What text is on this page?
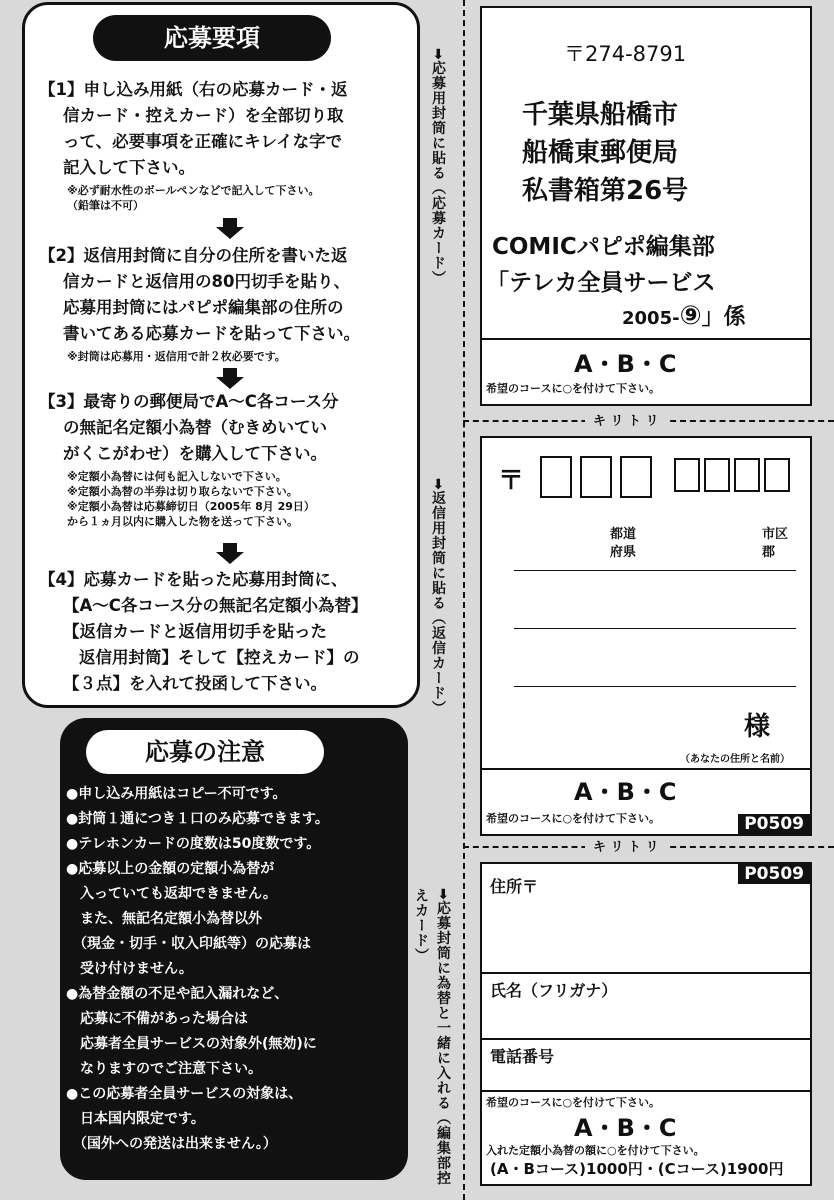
応募要項
【1】申し込み用紙（右の応募カード・返
信カード・控えカード）を全部切り取
って、必要事項を正確にキレイな字で
記入して下さい。
※必ず耐水性のボールペンなどで記入して下さい。
（鉛筆は不可）
【2】返信用封筒に自分の住所を書いた返
信カードと返信用の80円切手を貼り、
応募用封筒にはパピポ編集部の住所の
書いてある応募カードを貼って下さい。
※封筒は応募用・返信用で計２枚必要です。
【3】最寄りの郵便局でA～C各コース分
の無記名定額小為替（むきめいてい
がくこがわせ）を購入して下さい。
※定額小為替には何も記入しないで下さい。
※定額小為替の半券は切り取らないで下さい。
※定額小為替は応募締切日（2005年 8月 29日）
から１ヵ月以内に購入した物を送って下さい。
【4】応募カードを貼った応募用封筒に、
【A～C各コース分の無記名定額小為替】
【返信カードと返信用切手を貼った
返信用封筒】そして【控えカード】の
【３点】を入れて投函して下さい。
応募の注意
●申し込み用紙はコピー不可です。
●封筒１通につき１口のみ応募できます。
●テレホンカードの度数は50度数です。
●応募以上の金額の定額小為替が
　入っていても返却できません。
　また、無記名定額小為替以外
　（現金・切手・収入印紙等）の応募は
　受け付けません。
●為替金額の不足や記入漏れなど、
　応募に不備があった場合は
　応募者全員サービスの対象外(無効)に
　なりますのでご注意下さい。
●この応募者全員サービスの対象は、
　日本国内限定です。
　（国外への発送は出来ません。）
➡応募用封筒に貼る（応募カード）
➡返信用封筒に貼る（返信カード）
➡応募封筒に為替と一緒に入れる（編集部控えカード）
キ リ ト リ
キ リ ト リ
〒274-8791
千葉県船橋市
船橋東郵便局
私書箱第26号
COMICパピポ編集部
「テレカ全員サービス
2005-⑨」係
A・B・C
希望のコースに○を付けて下さい。
〒
都道
府県
市区
郡
様
（あなたの住所と名前）
A・B・C
希望のコースに○を付けて下さい。	P0509
P0509
住所〒
氏名（フリガナ）
電話番号
希望のコースに○を付けて下さい。
A・B・C
入れた定額小為替の額に○を付けて下さい。
(A・Bコース)1000円・(Cコース)1900円
